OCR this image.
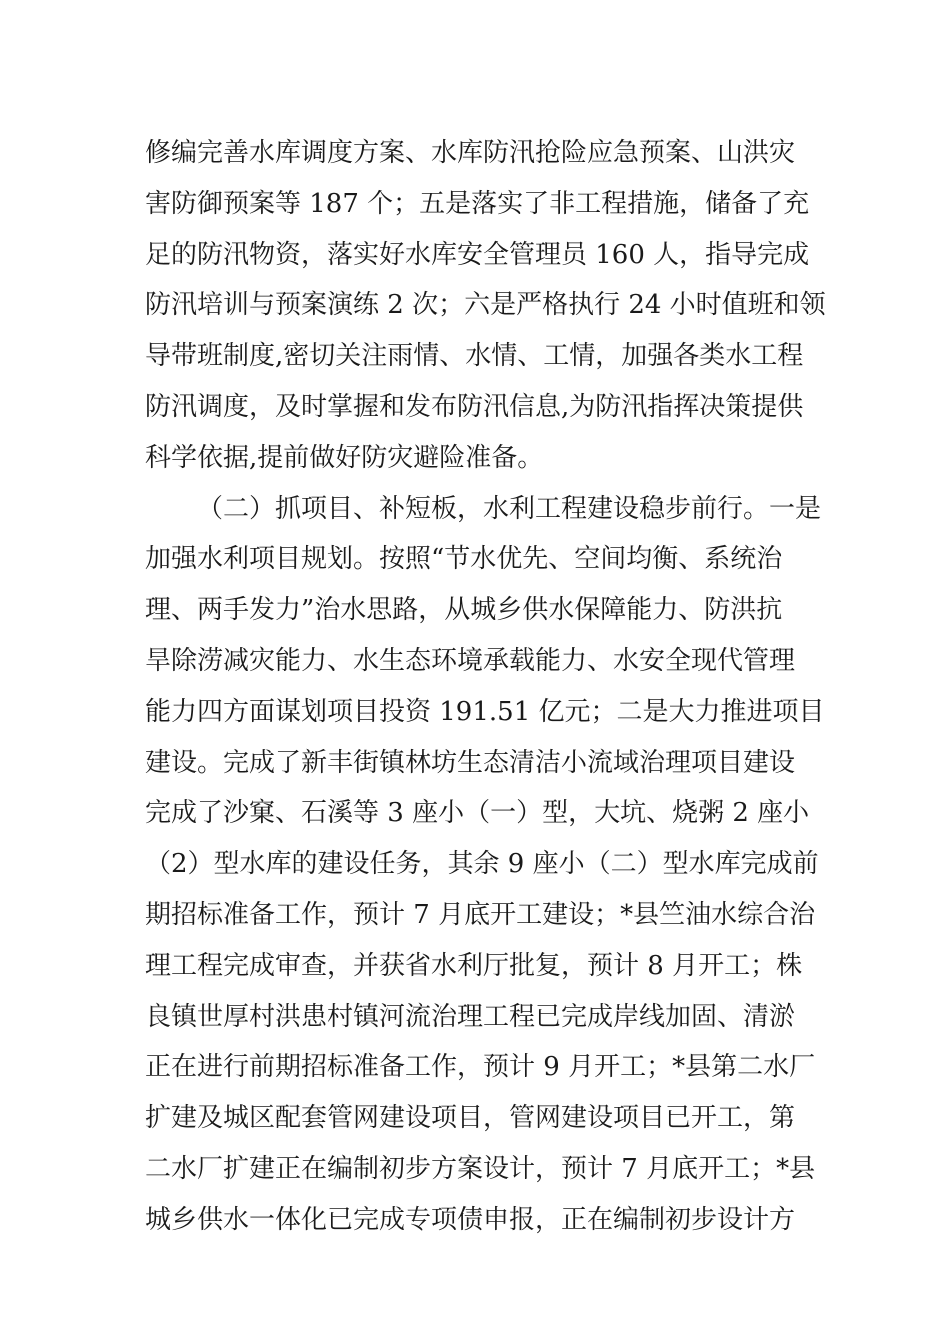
修编完善水库调度方案、水库防汛抢险应急预案、山洪灾
害防御预案等 187 个；五是落实了非工程措施，储备了充
足的防汛物资，落实好水库安全管理员 160 人，指导完成
防汛培训与预案演练 2 次；六是严格执行 24 小时值班和领
导带班制度,密切关注雨情、水情、工情，加强各类水工程
防汛调度，及时掌握和发布防汛信息,为防汛指挥决策提供
科学依据,提前做好防灾避险准备。
（二）抓项目、补短板，水利工程建设稳步前行。一是
加强水利项目规划。按照“节水优先、空间均衡、系统治
理、两手发力”治水思路，从城乡供水保障能力、防洪抗
旱除涝减灾能力、水生态环境承载能力、水安全现代管理
能力四方面谋划项目投资 191.51 亿元；二是大力推进项目
建设。完成了新丰街镇林坊生态清洁小流域治理项目建设
完成了沙窠、石溪等 3 座小（一）型，大坑、烧粥 2 座小
（2）型水库的建设任务，其余 9 座小（二）型水库完成前
期招标准备工作，预计 7 月底开工建设；*县竺油水综合治
理工程完成审查，并获省水利厅批复，预计 8 月开工；株
良镇世厚村洪患村镇河流治理工程已完成岸线加固、清淤
正在进行前期招标准备工作，预计 9 月开工；*县第二水厂
扩建及城区配套管网建设项目，管网建设项目已开工，第
二水厂扩建正在编制初步方案设计，预计 7 月底开工；*县
城乡供水一体化已完成专项债申报，正在编制初步设计方
